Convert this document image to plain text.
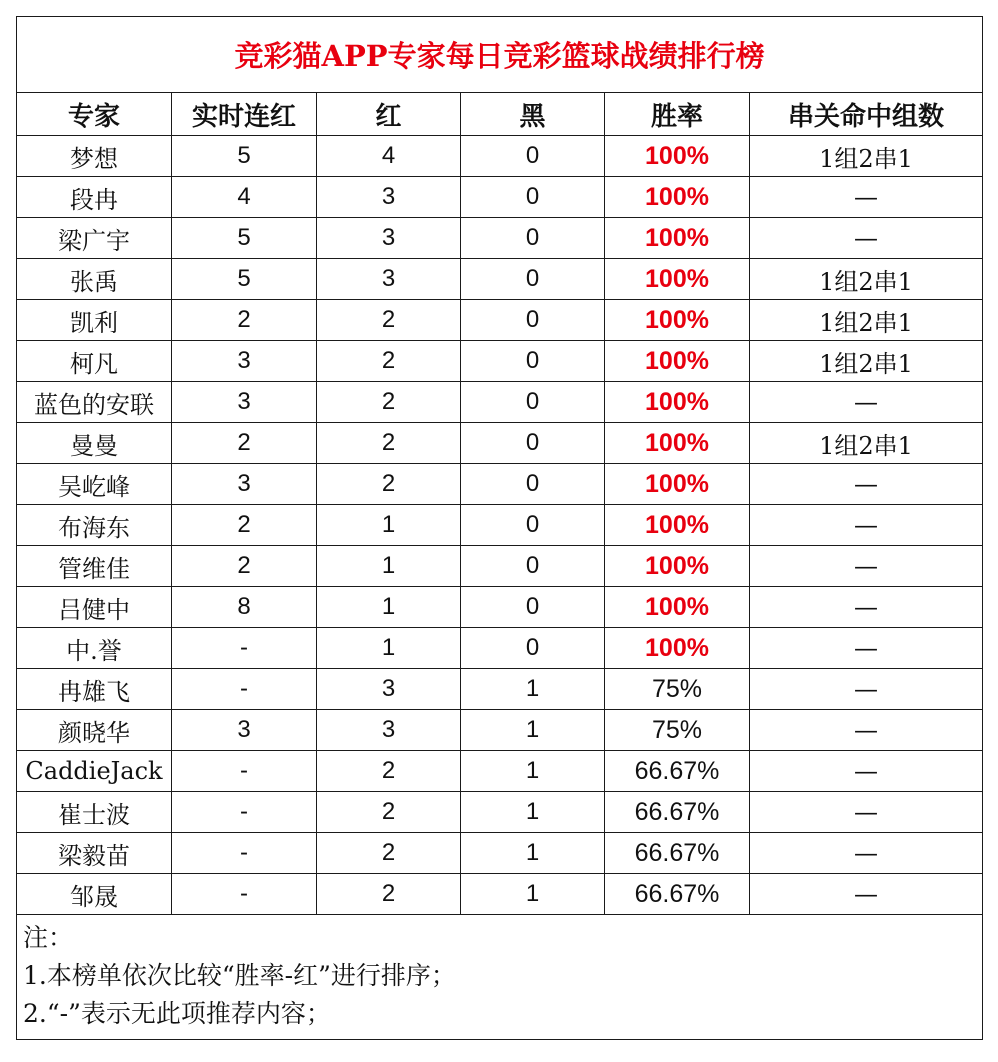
竞彩猫APP专家每日竞彩篮球战绩排行榜					
专家	实时连红	红	黑	胜率	串关命中组数
梦想	5	4	0	100%	1组2串1
段冉	4	3	0	100%	—
梁广宇	5	3	0	100%	—
张禹	5	3	0	100%	1组2串1
凯利	2	2	0	100%	1组2串1
柯凡	3	2	0	100%	1组2串1
蓝色的安联	3	2	0	100%	—
曼曼	2	2	0	100%	1组2串1
吴屹峰	3	2	0	100%	—
布海东	2	1	0	100%	—
管维佳	2	1	0	100%	—
吕健中	8	1	0	100%	—
中.誉	-	1	0	100%	—
冉雄飞	-	3	1	75%	—
颜晓华	3	3	1	75%	—
CaddieJack	-	2	1	66.67%	—
崔士波	-	2	1	66.67%	—
梁毅苗	-	2	1	66.67%	—
邹晟	-	2	1	66.67%	—

注：
1.本榜单依次比较“胜率-红”进行排序；
2.“-”表示无此项推荐内容；					
